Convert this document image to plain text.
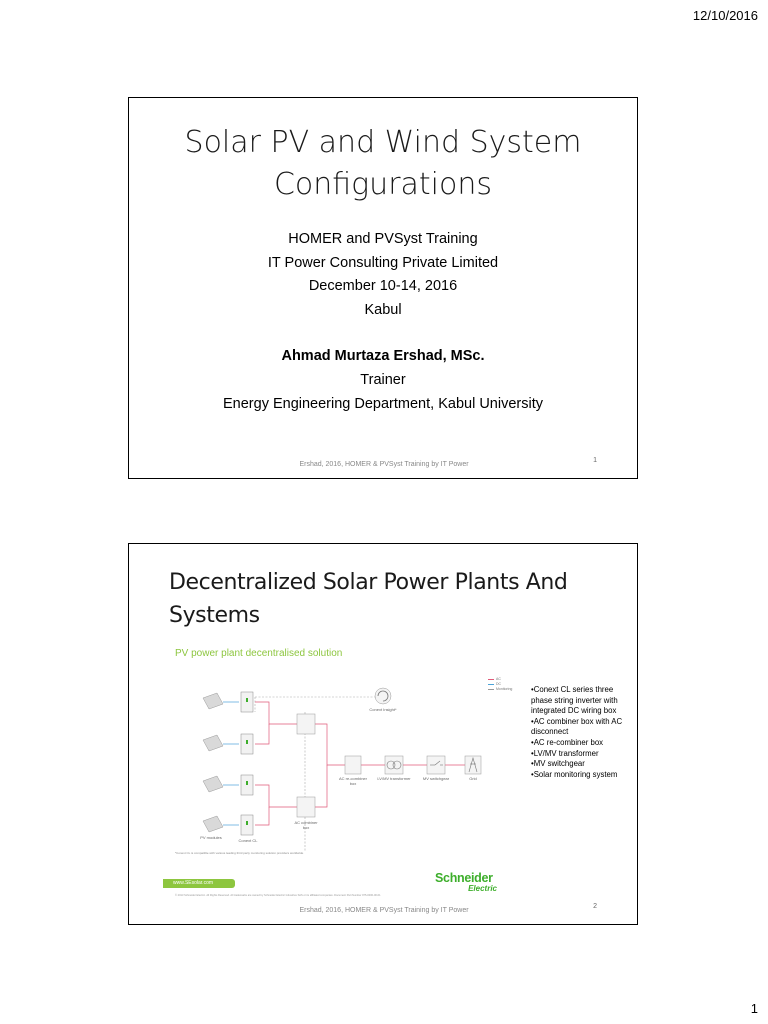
12/10/2016
Solar PV and Wind System Configurations
HOMER and PVSyst Training
IT Power Consulting Private Limited
December 10-14, 2016
Kabul
Ahmad Murtaza Ershad, MSc.
Trainer
Energy Engineering Department, Kabul University
Ershad, 2016, HOMER & PVSyst Training by IT Power
1
Decentralized Solar Power Plants And Systems
PV power plant decentralised solution
AC
DC
Monitoring
Conext Insight*
PV modules
Conext CL
AC re-combiner box
LV/MV transformer	MV switchgear	Grid
AC combiner box
•Conext CL series three phase string inverter with integrated DC wiring box
•AC combiner box with AC disconnect
•AC re-combiner box
•LV/MV transformer
•MV switchgear
•Solar monitoring system
*Conext CL is compatible with various leading third party monitoring solution providers worldwide
www.SEsolar.com
© 2013 Schneider Electric. All Rights Reserved. All trademarks are owned by Schneider Electric Industries SAS or its affiliated companies. Document Part Number 975-0000-00-01
Schneider
Electric
Ershad, 2016, HOMER & PVSyst Training by IT Power
2
1
